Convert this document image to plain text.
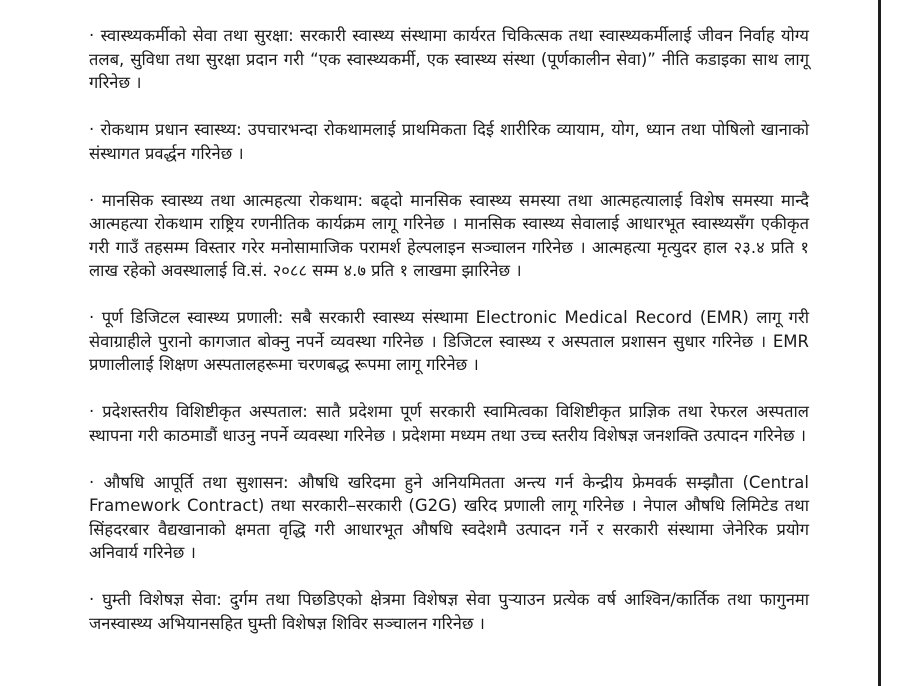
· स्वास्थ्यकर्मीको सेवा तथा सुरक्षा: सरकारी स्वास्थ्य संस्थामा कार्यरत चिकित्सक तथा स्वास्थ्यकर्मीलाई जीवन निर्वाह योग्य तलब, सुविधा तथा सुरक्षा प्रदान गरी “एक स्वास्थ्यकर्मी, एक स्वास्थ्य संस्था (पूर्णकालीन सेवा)” नीति कडाइका साथ लागू गरिनेछ ।

· रोकथाम प्रधान स्वास्थ्य: उपचारभन्दा रोकथामलाई प्राथमिकता दिई शारीरिक व्यायाम, योग, ध्यान तथा पोषिलो खानाको संस्थागत प्रवर्द्धन गरिनेछ ।

· मानसिक स्वास्थ्य तथा आत्महत्या रोकथाम: बढ्दो मानसिक स्वास्थ्य समस्या तथा आत्महत्यालाई विशेष समस्या मान्दै आत्महत्या रोकथाम राष्ट्रिय रणनीतिक कार्यक्रम लागू गरिनेछ । मानसिक स्वास्थ्य सेवालाई आधारभूत स्वास्थ्यसँग एकीकृत गरी गाउँ तहसम्म विस्तार गरेर मनोसामाजिक परामर्श हेल्पलाइन सञ्चालन गरिनेछ । आत्महत्या मृत्युदर हाल २३.४ प्रति १ लाख रहेको अवस्थालाई वि.सं. २०८८ सम्म ४.७ प्रति १ लाखमा झारिनेछ ।

· पूर्ण डिजिटल स्वास्थ्य प्रणाली: सबै सरकारी स्वास्थ्य संस्थामा Electronic Medical Record (EMR) लागू गरी सेवाग्राहीले पुरानो कागजात बोक्नु नपर्ने व्यवस्था गरिनेछ । डिजिटल स्वास्थ्य र अस्पताल प्रशासन सुधार गरिनेछ । EMR प्रणालीलाई शिक्षण अस्पतालहरूमा चरणबद्ध रूपमा लागू गरिनेछ ।

· प्रदेशस्तरीय विशिष्टीकृत अस्पताल: सातै प्रदेशमा पूर्ण सरकारी स्वामित्वका विशिष्टीकृत प्राज्ञिक तथा रेफरल अस्पताल स्थापना गरी काठमाडौं धाउनु नपर्ने व्यवस्था गरिनेछ । प्रदेशमा मध्यम तथा उच्च स्तरीय विशेषज्ञ जनशक्ति उत्पादन गरिनेछ ।

· औषधि आपूर्ति तथा सुशासन: औषधि खरिदमा हुने अनियमितता अन्त्य गर्न केन्द्रीय फ्रेमवर्क सम्झौता (Central Framework Contract) तथा सरकारी–सरकारी (G2G) खरिद प्रणाली लागू गरिनेछ । नेपाल औषधि लिमिटेड तथा सिंहदरबार वैद्यखानाको क्षमता वृद्धि गरी आधारभूत औषधि स्वदेशमै उत्पादन गर्ने र सरकारी संस्थामा जेनेरिक प्रयोग अनिवार्य गरिनेछ ।

· घुम्ती विशेषज्ञ सेवा: दुर्गम तथा पिछडिएको क्षेत्रमा विशेषज्ञ सेवा पुर्‍याउन प्रत्येक वर्ष आश्विन/कार्तिक तथा फागुनमा जनस्वास्थ्य अभियानसहित घुम्ती विशेषज्ञ शिविर सञ्चालन गरिनेछ ।
